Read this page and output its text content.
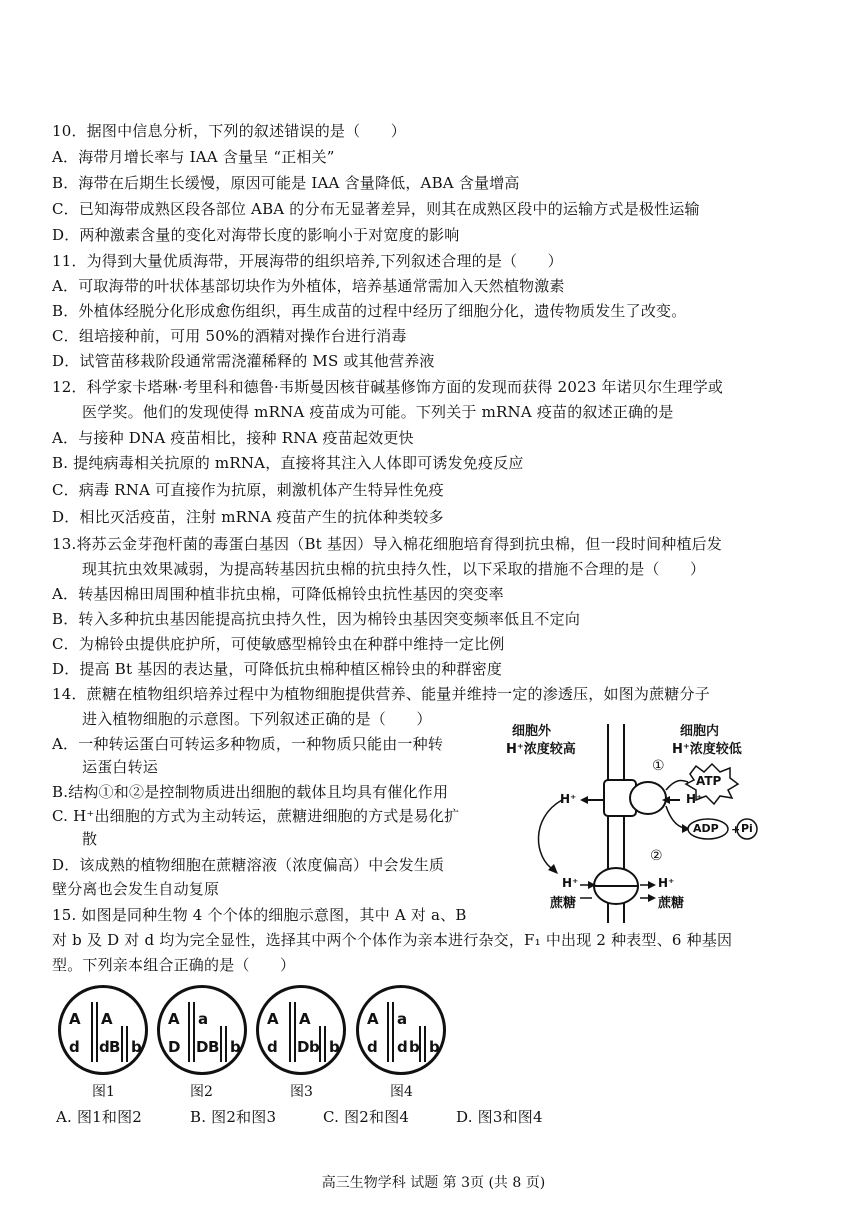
10．据图中信息分析，下列的叙述错误的是（　　）
A．海带月增长率与 IAA 含量呈 “正相关”
B．海带在后期生长缓慢，原因可能是 IAA 含量降低，ABA 含量增高
C．已知海带成熟区段各部位 ABA 的分布无显著差异，则其在成熟区段中的运输方式是极性运输
D．两种激素含量的变化对海带长度的影响小于对宽度的影响
11．为得到大量优质海带，开展海带的组织培养,下列叙述合理的是（　　）
A．可取海带的叶状体基部切块作为外植体，培养基通常需加入天然植物激素
B．外植体经脱分化形成愈伤组织，再生成苗的过程中经历了细胞分化，遗传物质发生了改变。
C．组培接种前，可用 50%的酒精对操作台进行消毒
D．试管苗移栽阶段通常需浇灌稀释的 MS 或其他营养液
12．科学家卡塔琳·考里科和德鲁·韦斯曼因核苷碱基修饰方面的发现而获得 2023 年诺贝尔生理学或
医学奖。他们的发现使得 mRNA 疫苗成为可能。下列关于 mRNA 疫苗的叙述正确的是
A．与接种 DNA 疫苗相比，接种 RNA 疫苗起效更快
B. 提纯病毒相关抗原的 mRNA，直接将其注入人体即可诱发免疫反应
C．病毒 RNA 可直接作为抗原，刺激机体产生特异性免疫
D．相比灭活疫苗，注射 mRNA 疫苗产生的抗体种类较多
13.将苏云金芽孢杆菌的毒蛋白基因（Bt 基因）导入棉花细胞培育得到抗虫棉，但一段时间种植后发
现其抗虫效果减弱，为提高转基因抗虫棉的抗虫持久性，以下采取的措施不合理的是（　　）
A．转基因棉田周围种植非抗虫棉，可降低棉铃虫抗性基因的突变率
B．转入多种抗虫基因能提高抗虫持久性，因为棉铃虫基因突变频率低且不定向
C．为棉铃虫提供庇护所，可使敏感型棉铃虫在种群中维持一定比例
D．提高 Bt 基因的表达量，可降低抗虫棉种植区棉铃虫的种群密度
14．蔗糖在植物组织培养过程中为植物细胞提供营养、能量并维持一定的渗透压，如图为蔗糖分子
进入植物细胞的示意图。下列叙述正确的是（　　）
A．一种转运蛋白可转运多种物质，一种物质只能由一种转
运蛋白转运
B.结构①和②是控制物质进出细胞的载体且均具有催化作用
C. H⁺出细胞的方式为主动转运，蔗糖进细胞的方式是易化扩
散
D．该成熟的植物细胞在蔗糖溶液（浓度偏高）中会发生质
壁分离也会发生自动复原
细胞外
H⁺浓度较高
细胞内
H⁺浓度较低
①
ATP
H⁺	H⁺
ADP + Pi
②
H⁺	H⁺
蔗糖	蔗糖
15. 如图是同种生物 4 个个体的细胞示意图，其中 A 对 a、B
对 b 及 D 对 d 均为完全显性，选择其中两个个体作为亲本进行杂交，F₁ 中出现 2 种表型、6 种基因
型。下列亲本组合正确的是（　　）
A A
d d B b
A a
D D B b
A A
d D b b
A a
d d b b
图1	图2	图3	图4
A. 图1和图2	B. 图2和图3	C. 图2和图4	D. 图3和图4
高三生物学科 试题 第 3页 (共 8 页)
